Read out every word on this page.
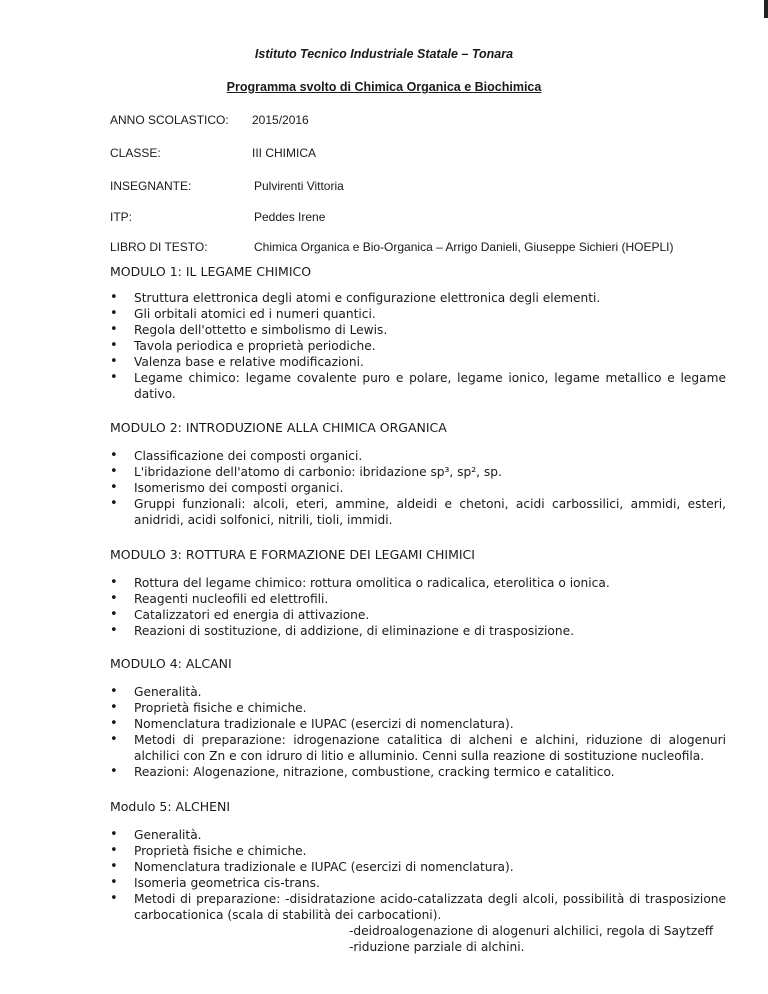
Istituto Tecnico Industriale Statale – Tonara
Programma svolto di Chimica Organica e Biochimica
ANNO SCOLASTICO: 2015/2016
CLASSE:	III CHIMICA
INSEGNANTE:	Pulvirenti Vittoria
ITP:	Peddes Irene
LIBRO DI TESTO:	Chimica Organica e Bio-Organica – Arrigo Danieli, Giuseppe Sichieri (HOEPLI)
MODULO 1: IL LEGAME CHIMICO
• Struttura elettronica degli atomi e configurazione elettronica degli elementi.
• Gli orbitali atomici ed i numeri quantici.
• Regola dell'ottetto e simbolismo di Lewis.
• Tavola periodica e proprietà periodiche.
• Valenza base e relative modificazioni.
• Legame chimico: legame covalente puro e polare, legame ionico, legame metallico e legame dativo.
MODULO 2: INTRODUZIONE ALLA CHIMICA ORGANICA
• Classificazione dei composti organici.
• L'ibridazione dell'atomo di carbonio: ibridazione sp³, sp², sp.
• Isomerismo dei composti organici.
• Gruppi funzionali: alcoli, eteri, ammine, aldeidi e chetoni, acidi carbossilici, ammidi, esteri, anidridi, acidi solfonici, nitrili, tioli, immidi.
MODULO 3: ROTTURA E FORMAZIONE DEI LEGAMI CHIMICI
• Rottura del legame chimico: rottura omolitica o radicalica, eterolitica o ionica.
• Reagenti nucleofili ed elettrofili.
• Catalizzatori ed energia di attivazione.
• Reazioni di sostituzione, di addizione, di eliminazione e di trasposizione.
MODULO 4: ALCANI
• Generalità.
• Proprietà fisiche e chimiche.
• Nomenclatura tradizionale e IUPAC (esercizi di nomenclatura).
• Metodi di preparazione: idrogenazione catalitica di alcheni e alchini, riduzione di alogenuri alchilici con Zn e con idruro di litio e alluminio. Cenni sulla reazione di sostituzione nucleofila.
• Reazioni: Alogenazione, nitrazione, combustione, cracking termico e catalitico.
Modulo 5: ALCHENI
• Generalità.
• Proprietà fisiche e chimiche.
• Nomenclatura tradizionale e IUPAC (esercizi di nomenclatura).
• Isomeria geometrica cis-trans.
• Metodi di preparazione: -disidratazione acido-catalizzata degli alcoli, possibilità di trasposizione carbocationica (scala di stabilità dei carbocationi).
-deidroalogenazione di alogenuri alchilici, regola di Saytzeff
-riduzione parziale di alchini.
